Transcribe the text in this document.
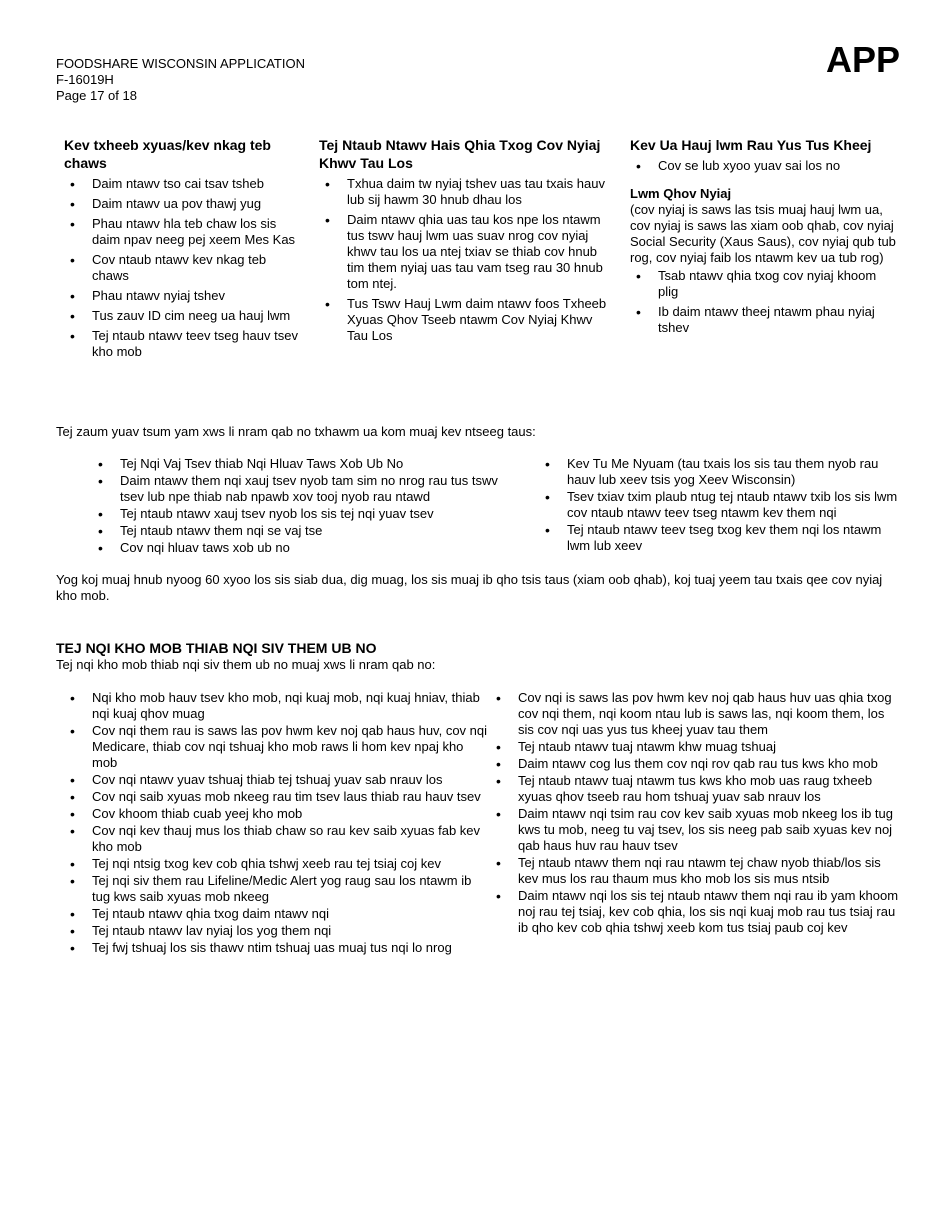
FOODSHARE WISCONSIN APPLICATION
F-16019H
Page 17 of 18
APP
Kev txheeb xyuas/kev nkag teb chaws
• Daim ntawv tso cai tsav tsheb
• Daim ntawv ua pov thawj yug
• Phau ntawv hla teb chaw los sis daim npav neeg pej xeem Mes Kas
• Cov ntaub ntawv kev nkag teb chaws
• Phau ntawv nyiaj tshev
• Tus zauv ID cim neeg ua hauj lwm
• Tej ntaub ntawv teev tseg hauv tsev kho mob
Tej Ntaub Ntawv Hais Qhia Txog Cov Nyiaj Khwv Tau Los
• Txhua daim tw nyiaj tshev uas tau txais hauv lub sij hawm 30 hnub dhau los
• Daim ntawv qhia uas tau kos npe los ntawm tus tswv hauj lwm uas suav nrog cov nyiaj khwv tau los ua ntej txiav se thiab cov hnub tim them nyiaj uas tau vam tseg rau 30 hnub tom ntej.
• Tus Tswv Hauj Lwm daim ntawv foos Txheeb Xyuas Qhov Tseeb ntawm Cov Nyiaj Khwv Tau Los
Kev Ua Hauj lwm Rau Yus Tus Kheej
• Cov se lub xyoo yuav sai los no
Lwm Qhov Nyiaj
(cov nyiaj is saws las tsis muaj hauj lwm ua, cov nyiaj is saws las xiam oob qhab, cov nyiaj Social Security (Xaus Saus), cov nyiaj qub tub rog, cov nyiaj faib los ntawm kev ua tub rog)
• Tsab ntawv qhia txog cov nyiaj khoom plig
• Ib daim ntawv theej ntawm phau nyiaj tshev
Tej zaum yuav tsum yam xws li nram qab no txhawm ua kom muaj kev ntseeg taus:
• Tej Nqi Vaj Tsev thiab Nqi Hluav Taws Xob Ub No
• Daim ntawv them nqi xauj tsev nyob tam sim no nrog rau tus tswv tsev lub npe thiab nab npawb xov tooj nyob rau ntawd
• Tej ntaub ntawv xauj tsev nyob los sis tej nqi yuav tsev
• Tej ntaub ntawv them nqi se vaj tse
• Cov nqi hluav taws xob ub no
• Kev Tu Me Nyuam (tau txais los sis tau them nyob rau hauv lub xeev tsis yog Xeev Wisconsin)
• Tsev txiav txim plaub ntug tej ntaub ntawv txib los sis lwm cov ntaub ntawv teev tseg ntawm kev them nqi
• Tej ntaub ntawv teev tseg txog kev them nqi los ntawm lwm lub xeev
Yog koj muaj hnub nyoog 60 xyoo los sis siab dua, dig muag, los sis muaj ib qho tsis taus (xiam oob qhab), koj tuaj yeem tau txais qee cov nyiaj kho mob.
TEJ NQI KHO MOB THIAB NQI SIV THEM UB NO
Tej nqi kho mob thiab nqi siv them ub no muaj xws li nram qab no:
• Nqi kho mob hauv tsev kho mob, nqi kuaj mob, nqi kuaj hniav, thiab nqi kuaj qhov muag
• Cov nqi them rau is saws las pov hwm kev noj qab haus huv, cov nqi Medicare, thiab cov nqi tshuaj kho mob raws li hom kev npaj kho mob
• Cov nqi ntawv yuav tshuaj thiab tej tshuaj yuav sab nrauv los
• Cov nqi saib xyuas mob nkeeg rau tim tsev laus thiab rau hauv tsev
• Cov khoom thiab cuab yeej kho mob
• Cov nqi kev thauj mus los thiab chaw so rau kev saib xyuas fab kev kho mob
• Tej nqi ntsig txog kev cob qhia tshwj xeeb rau tej tsiaj coj kev
• Tej nqi siv them rau Lifeline/Medic Alert yog raug sau los ntawm ib tug kws saib xyuas mob nkeeg
• Tej ntaub ntawv qhia txog daim ntawv nqi
• Tej ntaub ntawv lav nyiaj los yog them nqi
• Tej fwj tshuaj los sis thawv ntim tshuaj uas muaj tus nqi lo nrog
• Cov nqi is saws las pov hwm kev noj qab haus huv uas qhia txog cov nqi them, nqi koom ntau lub is saws las, nqi koom them, los sis cov nqi uas yus tus kheej yuav tau them
• Tej ntaub ntawv tuaj ntawm khw muag tshuaj
• Daim ntawv cog lus them cov nqi rov qab rau tus kws kho mob
• Tej ntaub ntawv tuaj ntawm tus kws kho mob uas raug txheeb xyuas qhov tseeb rau hom tshuaj yuav sab nrauv los
• Daim ntawv nqi tsim rau cov kev saib xyuas mob nkeeg los ib tug kws tu mob, neeg tu vaj tsev, los sis neeg pab saib xyuas kev noj qab haus huv rau hauv tsev
• Tej ntaub ntawv them nqi rau ntawm tej chaw nyob thiab/los sis kev mus los rau thaum mus kho mob los sis mus ntsib
• Daim ntawv nqi los sis tej ntaub ntawv them nqi rau ib yam khoom noj rau tej tsiaj, kev cob qhia, los sis nqi kuaj mob rau tus tsiaj rau ib qho kev cob qhia tshwj xeeb kom tus tsiaj paub coj kev
